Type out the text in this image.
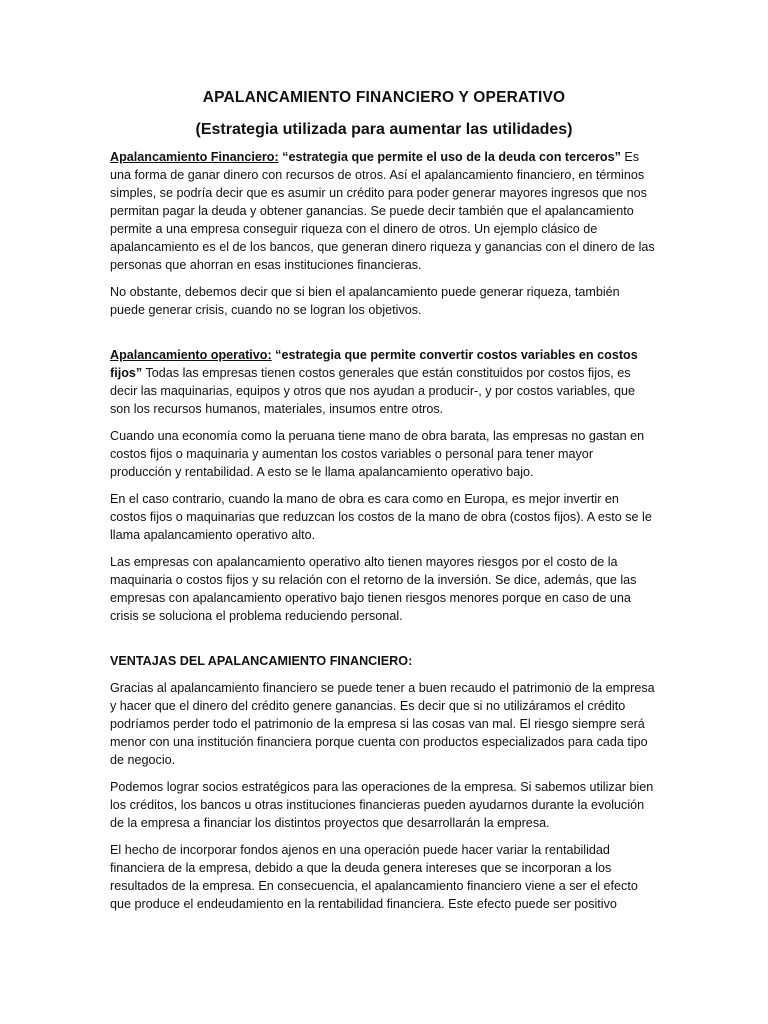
APALANCAMIENTO FINANCIERO Y OPERATIVO
(Estrategia utilizada para aumentar las utilidades)

Apalancamiento Financiero: “estrategia que permite el uso de la deuda con terceros” Es una forma de ganar dinero con recursos de otros. Así el apalancamiento financiero, en términos simples, se podría decir que es asumir un crédito para poder generar mayores ingresos que nos permitan pagar la deuda y obtener ganancias. Se puede decir también que el apalancamiento permite a una empresa conseguir riqueza con el dinero de otros. Un ejemplo clásico de apalancamiento es el de los bancos, que generan dinero riqueza y ganancias con el dinero de las personas que ahorran en esas instituciones financieras.

No obstante, debemos decir que si bien el apalancamiento puede generar riqueza, también puede generar crisis, cuando no se logran los objetivos.

Apalancamiento operativo: “estrategia que permite convertir costos variables en costos fijos” Todas las empresas tienen costos generales que están constituidos por costos fijos, es decir las maquinarias, equipos y otros que nos ayudan a producir-, y por costos variables, que son los recursos humanos, materiales, insumos entre otros.

Cuando una economía como la peruana tiene mano de obra barata, las empresas no gastan en costos fijos o maquinaria y aumentan los costos variables o personal para tener mayor producción y rentabilidad. A esto se le llama apalancamiento operativo bajo.

En el caso contrario, cuando la mano de obra es cara como en Europa, es mejor invertir en costos fijos o maquinarias que reduzcan los costos de la mano de obra (costos fijos). A esto se le llama apalancamiento operativo alto.

Las empresas con apalancamiento operativo alto tienen mayores riesgos por el costo de la maquinaria o costos fijos y su relación con el retorno de la inversión. Se dice, además, que las empresas con apalancamiento operativo bajo tienen riesgos menores porque en caso de una crisis se soluciona el problema reduciendo personal.

VENTAJAS DEL APALANCAMIENTO FINANCIERO:

Gracias al apalancamiento financiero se puede tener a buen recaudo el patrimonio de la empresa y hacer que el dinero del crédito genere ganancias. Es decir que si no utilizáramos el crédito podríamos perder todo el patrimonio de la empresa si las cosas van mal. El riesgo siempre será menor con una institución financiera porque cuenta con productos especializados para cada tipo de negocio.

Podemos lograr socios estratégicos para las operaciones de la empresa. Si sabemos utilizar bien los créditos, los bancos u otras instituciones financieras pueden ayudarnos durante la evolución de la empresa a financiar los distintos proyectos que desarrollarán la empresa.

El hecho de incorporar fondos ajenos en una operación puede hacer variar la rentabilidad financiera de la empresa, debido a que la deuda genera intereses que se incorporan a los resultados de la empresa. En consecuencia, el apalancamiento financiero viene a ser el efecto que produce el endeudamiento en la rentabilidad financiera. Este efecto puede ser positivo
